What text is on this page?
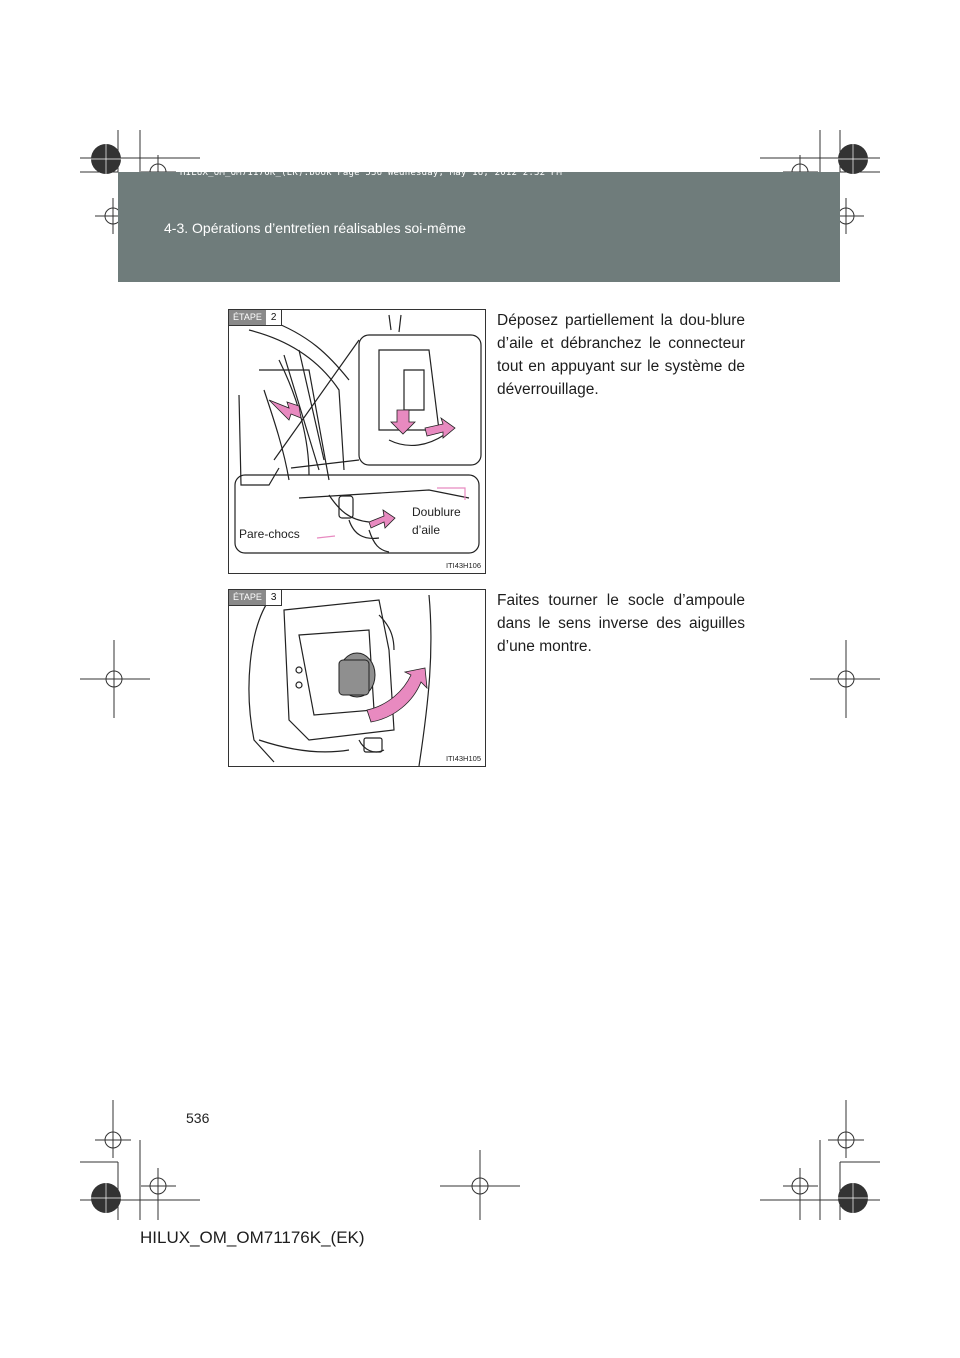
HILUX_OM_OM71176K_(EK).book Page 536 Wednesday, May 16, 2012 2:32 PM
4-3. Opérations d’entretien réalisables soi-même
ÉTAPE 2
Doublure
d’aile
Pare-chocs
ITI43H106
Déposez partiellement la dou-blure d’aile et débranchez le connecteur tout en appuyant sur le système de déverrouillage.
ÉTAPE 3
ITI43H105
Faites tourner le socle d’ampoule dans le sens inverse des aiguilles d’une montre.
536
HILUX_OM_OM71176K_(EK)
